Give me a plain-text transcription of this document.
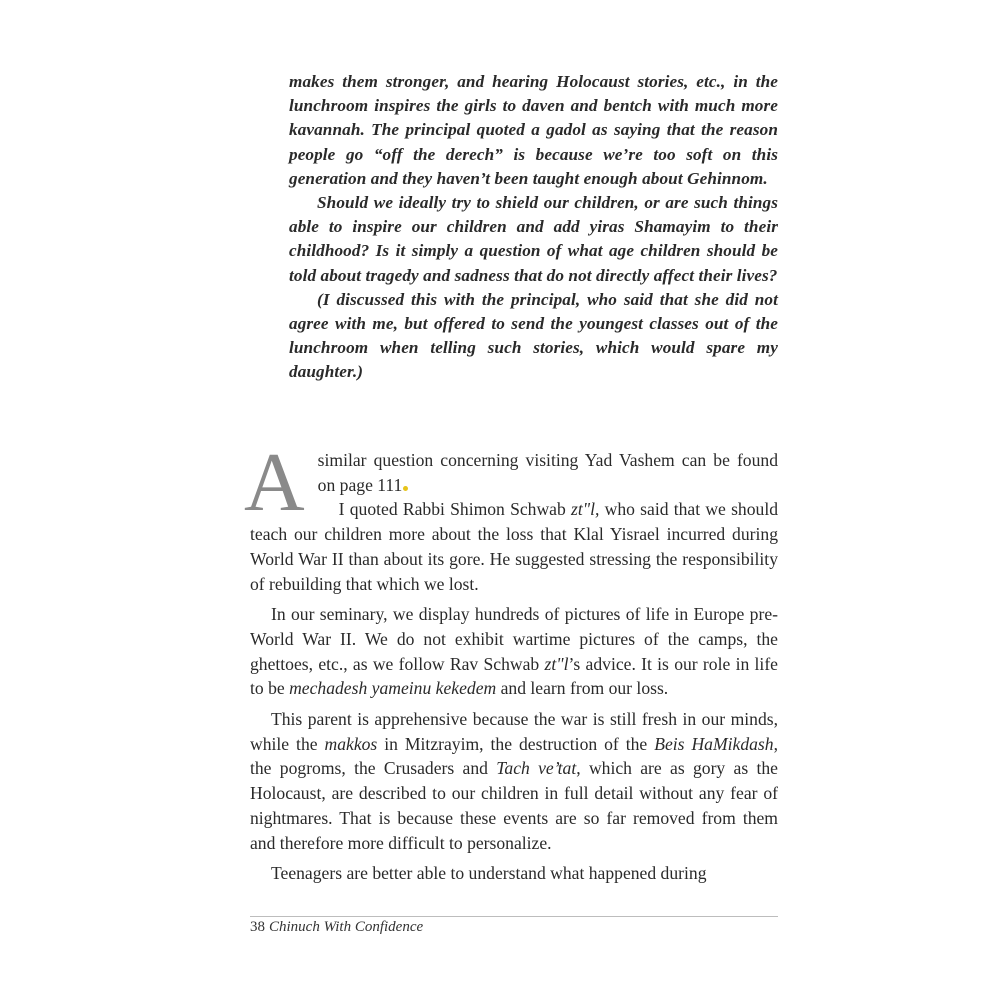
makes them stronger, and hearing Holocaust stories, etc., in the lunchroom inspires the girls to daven and bentch with much more kavannah. The principal quoted a gadol as saying that the reason people go “off the derech” is because we’re too soft on this generation and they haven’t been taught enough about Gehinnom.

Should we ideally try to shield our children, or are such things able to inspire our children and add yiras Shamayim to their childhood? Is it simply a question of what age children should be told about tragedy and sadness that do not directly affect their lives?

(I discussed this with the principal, who said that she did not agree with me, but offered to send the youngest classes out of the lunchroom when telling such stories, which would spare my daughter.)

A similar question concerning visiting Yad Vashem can be found on page 111

I quoted Rabbi Shimon Schwab zt"l, who said that we should teach our children more about the loss that Klal Yisrael incurred during World War II than about its gore. He suggested stressing the responsibility of rebuilding that which we lost.

In our seminary, we display hundreds of pictures of life in Europe pre-World War II. We do not exhibit wartime pictures of the camps, the ghettoes, etc., as we follow Rav Schwab zt"l’s advice. It is our role in life to be mechadesh yameinu kekedem and learn from our loss.

This parent is apprehensive because the war is still fresh in our minds, while the makkos in Mitzrayim, the destruction of the Beis HaMikdash, the pogroms, the Crusaders and Tach ve’tat, which are as gory as the Holocaust, are described to our children in full detail without any fear of nightmares. That is because these events are so far removed from them and therefore more difficult to personalize.

Teenagers are better able to understand what happened during

38 Chinuch With Confidence
